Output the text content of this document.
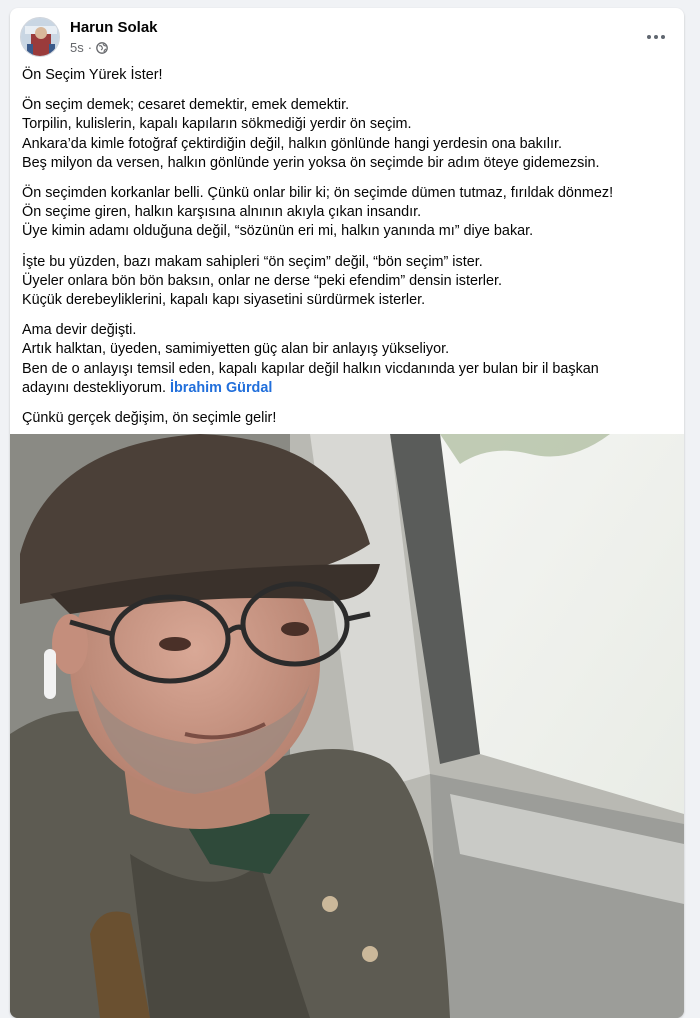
Harun Solak
5s ·

Ön Seçim Yürek İster!

Ön seçim demek; cesaret demektir, emek demektir.

Torpilin, kulislerin, kapalı kapıların sökmediği yerdir ön seçim.

Ankara’da kimle fotoğraf çektirdiğin değil, halkın gönlünde hangi yerdesin ona bakılır.

Beş milyon da versen, halkın gönlünde yerin yoksa ön seçimde bir adım öteye gidemezsin.

Ön seçimden korkanlar belli. Çünkü onlar bilir ki; ön seçimde dümen tutmaz, fırıldak dönmez!

Ön seçime giren, halkın karşısına alnının akıyla çıkan insandır.

Üye kimin adamı olduğuna değil, “sözünün eri mi, halkın yanında mı” diye bakar.

İşte bu yüzden, bazı makam sahipleri “ön seçim” değil, “bön seçim” ister.

Üyeler onlara bön bön baksın, onlar ne derse “peki efendim” densin isterler.

Küçük derebeyliklerini, kapalı kapı siyasetini sürdürmek isterler.

Ama devir değişti.

Artık halktan, üyeden, samimiyetten güç alan bir anlayış yükseliyor.

Ben de o anlayışı temsil eden, kapalı kapılar değil halkın vicdanında yer bulan bir il başkan

adayını destekliyorum. İbrahim Gürdal

Çünkü gerçek değişim, ön seçimle gelir!
